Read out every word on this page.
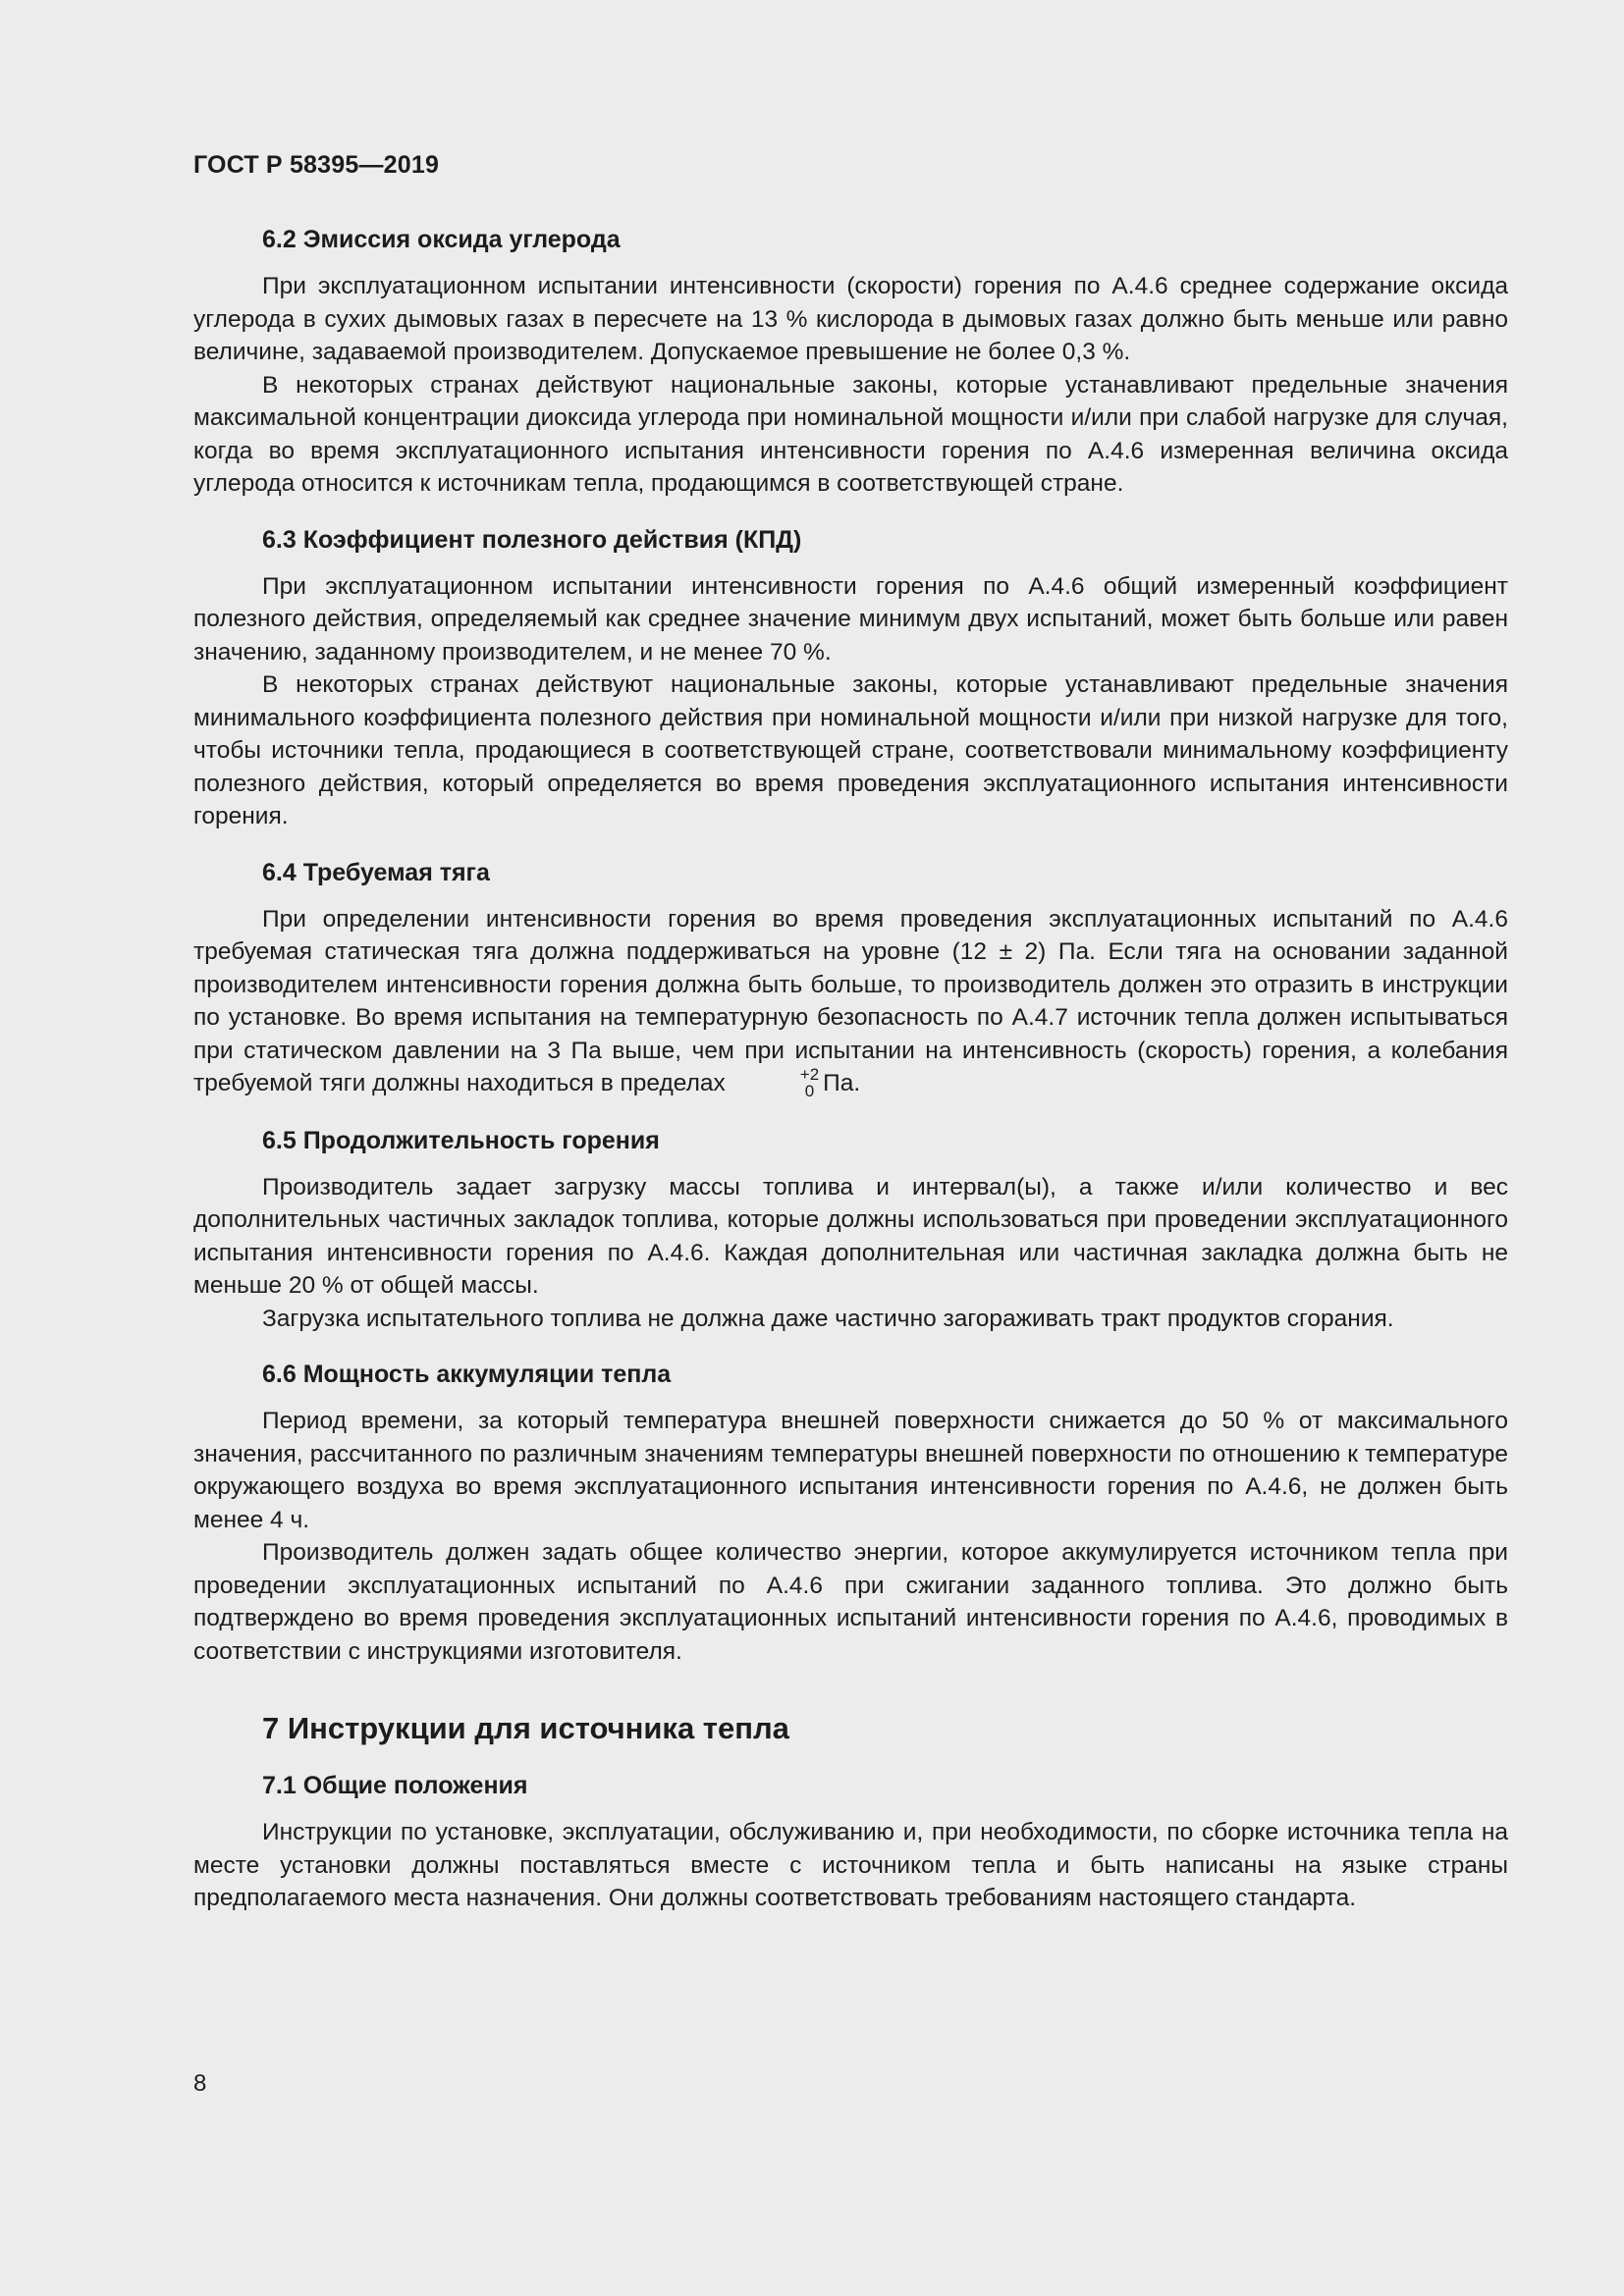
ГОСТ Р 58395—2019
6.2 Эмиссия оксида углерода

При эксплуатационном испытании интенсивности (скорости) горения по А.4.6 среднее содержание оксида углерода в сухих дымовых газах в пересчете на 13 % кислорода в дымовых газах должно быть меньше или равно величине, задаваемой производителем. Допускаемое превышение не более 0,3 %.

В некоторых странах действуют национальные законы, которые устанавливают предельные значения максимальной концентрации диоксида углерода при номинальной мощности и/или при слабой нагрузке для случая, когда во время эксплуатационного испытания интенсивности горения по А.4.6 измеренная величина оксида углерода относится к источникам тепла, продающимся в соответствующей стране.

6.3 Коэффициент полезного действия (КПД)

При эксплуатационном испытании интенсивности горения по А.4.6 общий измеренный коэффициент полезного действия, определяемый как среднее значение минимум двух испытаний, может быть больше или равен значению, заданному производителем, и не менее 70 %.

В некоторых странах действуют национальные законы, которые устанавливают предельные значения минимального коэффициента полезного действия при номинальной мощности и/или при низкой нагрузке для того, чтобы источники тепла, продающиеся в соответствующей стране, соответствовали минимальному коэффициенту полезного действия, который определяется во время проведения эксплуатационного испытания интенсивности горения.

6.4 Требуемая тяга

При определении интенсивности горения во время проведения эксплуатационных испытаний по А.4.6 требуемая статическая тяга должна поддерживаться на уровне (12 ± 2) Па. Если тяга на основании заданной производителем интенсивности горения должна быть больше, то производитель должен это отразить в инструкции по установке. Во время испытания на температурную безопасность по А.4.7 источник тепла должен испытываться при статическом давлении на 3 Па выше, чем при испытании на интенсивность (скорость) горения, а колебания требуемой тяги должны находиться в пределах	+2
0 Па.

6.5 Продолжительность горения

Производитель задает загрузку массы топлива и интервал(ы), а также и/или количество и вес дополнительных частичных закладок топлива, которые должны использоваться при проведении эксплуатационного испытания интенсивности горения по А.4.6. Каждая дополнительная или частичная закладка должна быть не меньше 20 % от общей массы.

Загрузка испытательного топлива не должна даже частично загораживать тракт продуктов сгорания.

6.6 Мощность аккумуляции тепла

Период времени, за который температура внешней поверхности снижается до 50 % от максимального значения, рассчитанного по различным значениям температуры внешней поверхности по отношению к температуре окружающего воздуха во время эксплуатационного испытания интенсивности горения по А.4.6, не должен быть менее 4 ч.

Производитель должен задать общее количество энергии, которое аккумулируется источником тепла при проведении эксплуатационных испытаний по А.4.6 при сжигании заданного топлива. Это должно быть подтверждено во время проведения эксплуатационных испытаний интенсивности горения по А.4.6, проводимых в соответствии с инструкциями изготовителя.

7 Инструкции для источника тепла
7.1 Общие положения

Инструкции по установке, эксплуатации, обслуживанию и, при необходимости, по сборке источника тепла на месте установки должны поставляться вместе с источником тепла и быть написаны на языке страны предполагаемого места назначения. Они должны соответствовать требованиям настоящего стандарта.

8
